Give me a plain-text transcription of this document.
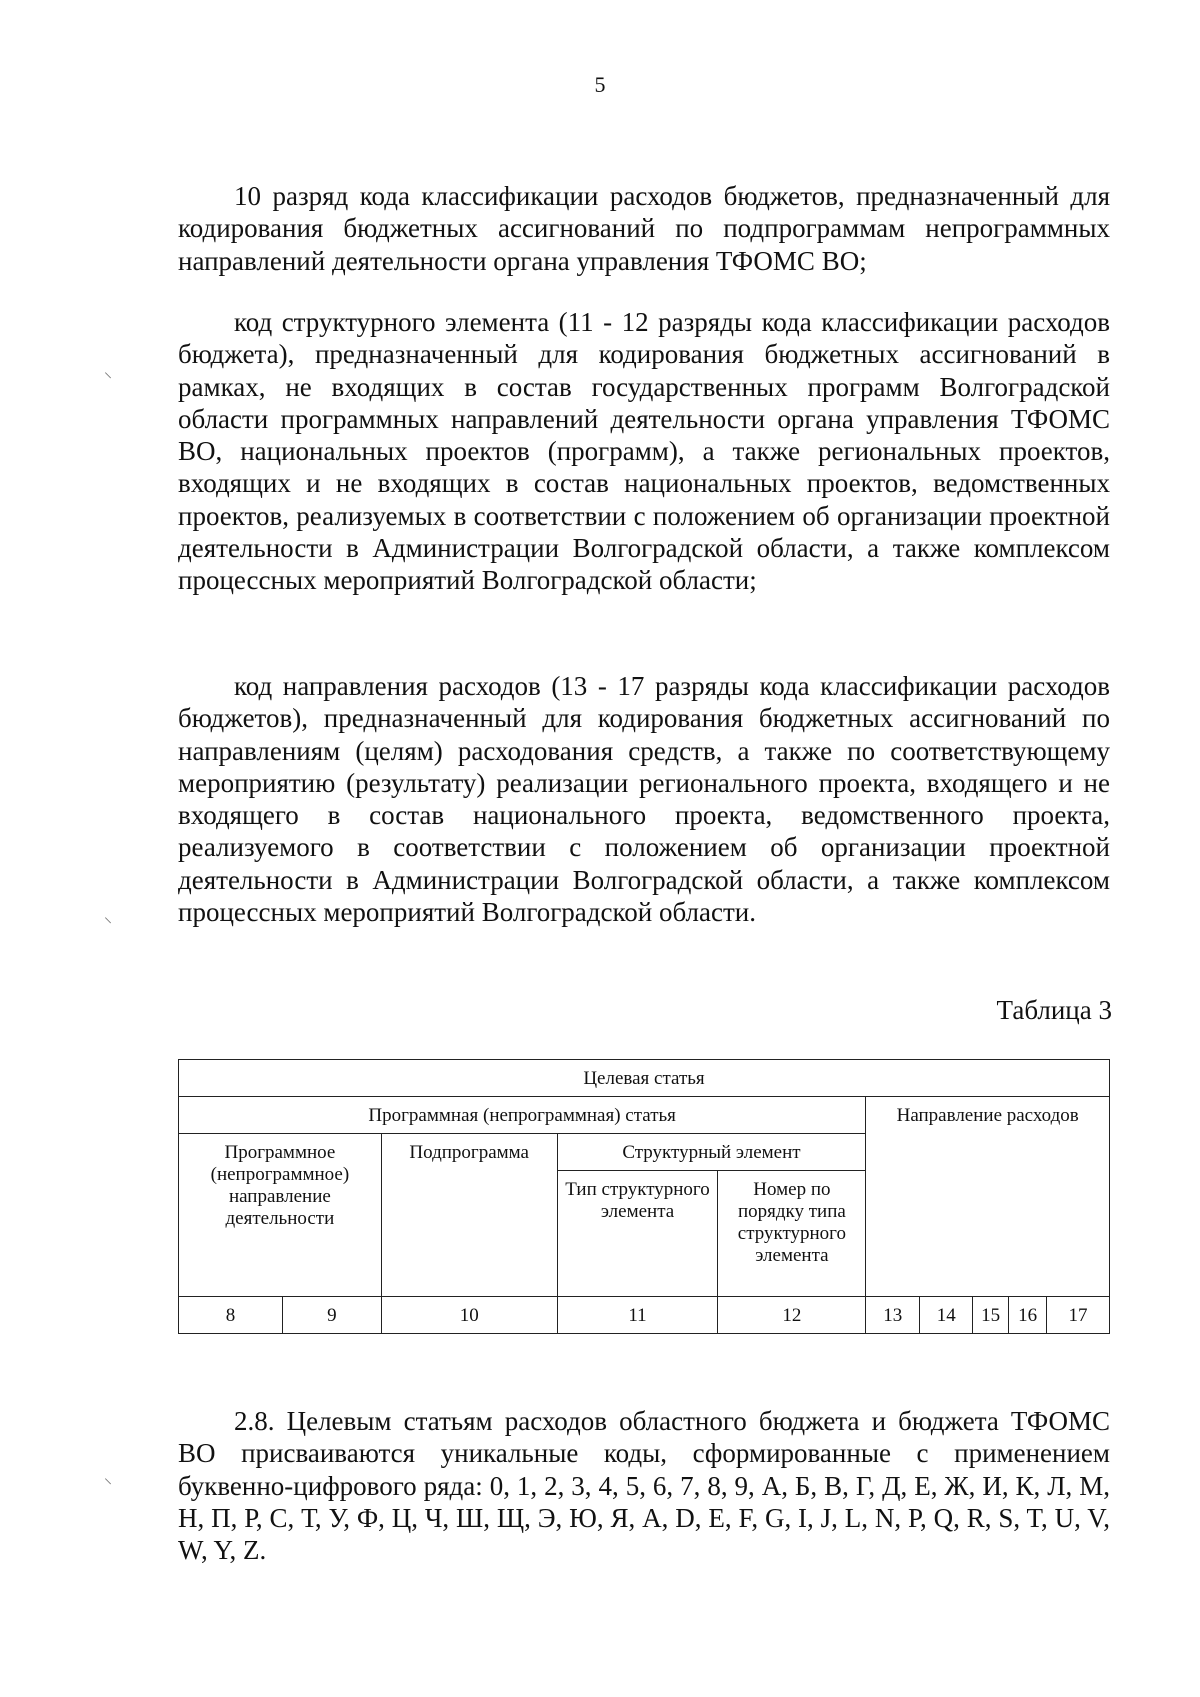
5

10 разряд кода классификации расходов бюджетов, предназначенный для кодирования бюджетных ассигнований по подпрограммам непрограммных направлений деятельности органа управления ТФОМС ВО;

код структурного элемента (11 - 12 разряды кода классификации расходов бюджета), предназначенный для кодирования бюджетных ассигнований в рамках, не входящих в состав государственных программ Волгоградской области программных направлений деятельности органа управления ТФОМС ВО, национальных проектов (программ), а также региональных проектов, входящих и не входящих в состав национальных проектов, ведомственных проектов, реализуемых в соответствии с положением об организации проектной деятельности в Администрации Волгоградской области, а также комплексом процессных мероприятий Волгоградской области;

код направления расходов (13 - 17 разряды кода классификации расходов бюджетов), предназначенный для кодирования бюджетных ассигнований по направлениям (целям) расходования средств, а также по соответствующему мероприятию (результату) реализации регионального проекта, входящего и не входящего в состав национального проекта, ведомственного проекта, реализуемого в соответствии с положением об организации проектной деятельности в Администрации Волгоградской области, а также комплексом процессных мероприятий Волгоградской области.

Таблица 3
Целевая статья									
Программная (непрограммная) статья					Направление расходов				
Программное (непрограммное) направление деятельности		Подпрограмма	Структурный элемент						
			Тип структурного элемента	Номер по порядку типа структурного элемента					
8	9	10	11	12	13	14	15	16	17

2.8. Целевым статьям расходов областного бюджета и бюджета ТФОМС ВО присваиваются уникальные коды, сформированные с применением буквенно-цифрового ряда: 0, 1, 2, 3, 4, 5, 6, 7, 8, 9, А, Б, В, Г, Д, Е, Ж, И, К, Л, М, Н, П, Р, С, Т, У, Ф, Ц, Ч, Ш, Щ, Э, Ю, Я, A, D, E, F, G, I, J, L, N, P, Q, R, S, T, U, V, W, Y, Z.

⸜
⸜
⸜
